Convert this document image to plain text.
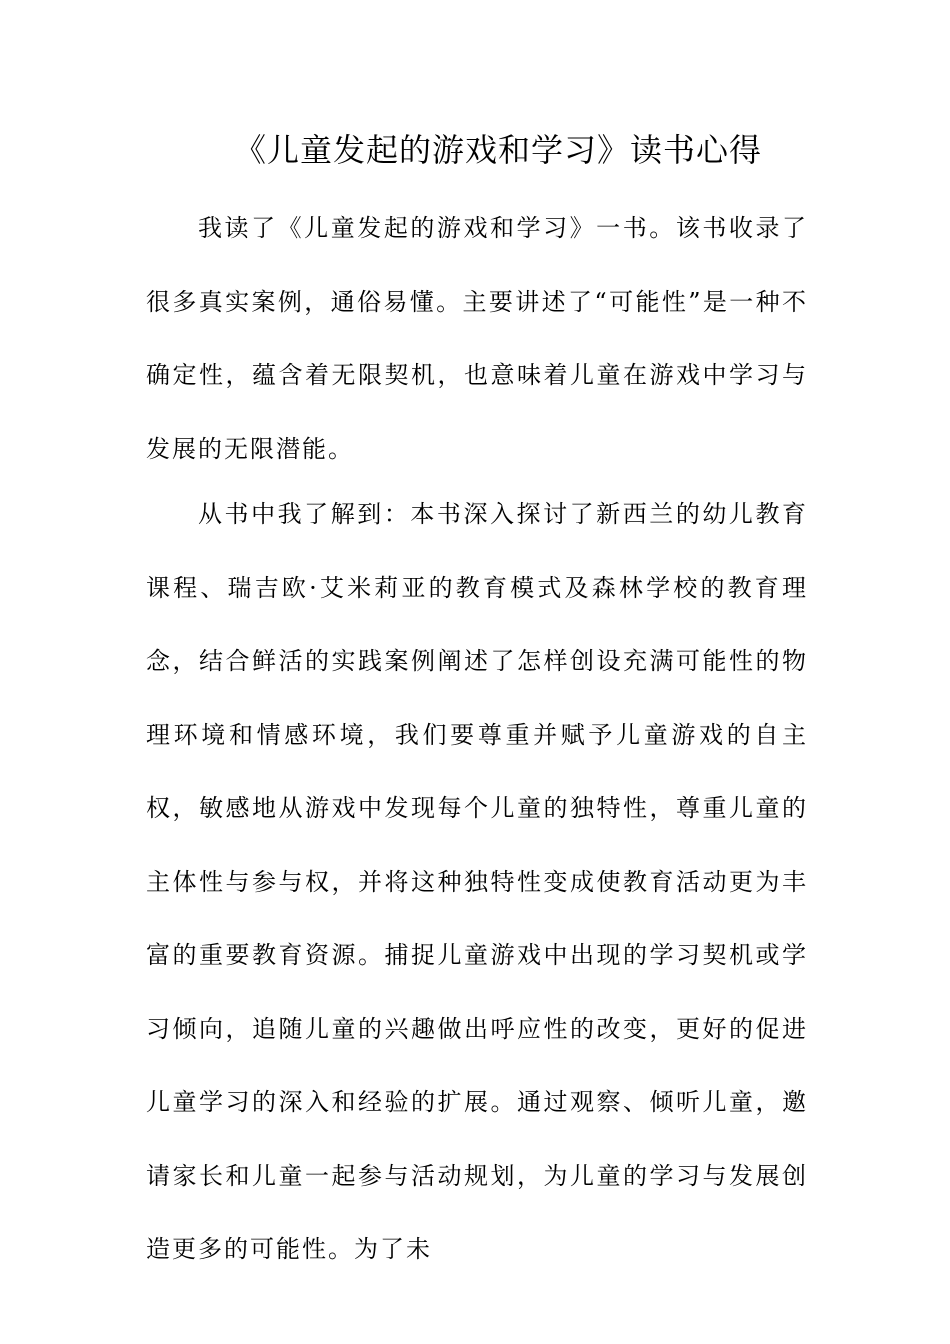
《儿童发起的游戏和学习》读书心得

我读了《儿童发起的游戏和学习》一书。该书收录了很多真实案例，通俗易懂。主要讲述了“可能性”是一种不确定性，蕴含着无限契机，也意味着儿童在游戏中学习与发展的无限潜能。

从书中我了解到：本书深入探讨了新西兰的幼儿教育课程、瑞吉欧·艾米莉亚的教育模式及森林学校的教育理念，结合鲜活的实践案例阐述了怎样创设充满可能性的物理环境和情感环境，我们要尊重并赋予儿童游戏的自主权，敏感地从游戏中发现每个儿童的独特性，尊重儿童的主体性与参与权，并将这种独特性变成使教育活动更为丰富的重要教育资源。捕捉儿童游戏中出现的学习契机或学习倾向，追随儿童的兴趣做出呼应性的改变，更好的促进儿童学习的深入和经验的扩展。通过观察、倾听儿童，邀请家长和儿童一起参与活动规划，为儿童的学习与发展创造更多的可能性。为了未
